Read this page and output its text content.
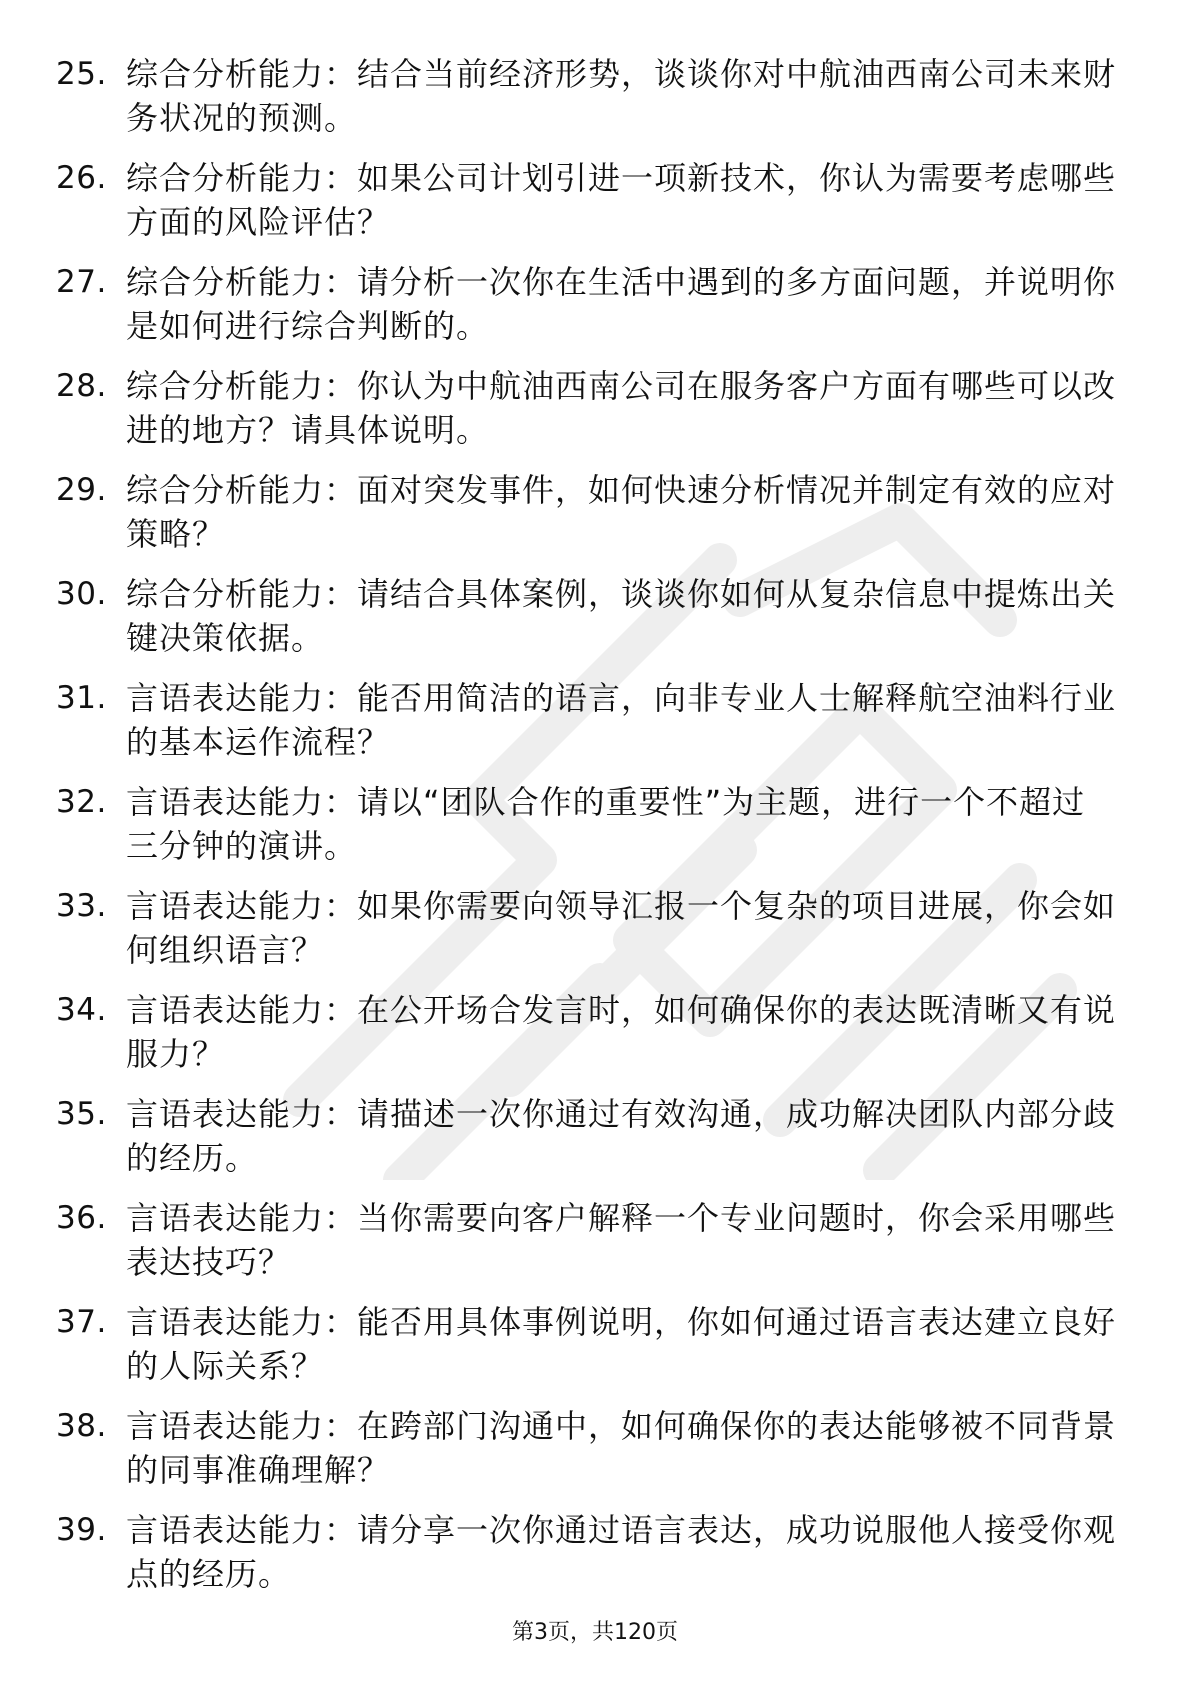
25. 综合分析能力：结合当前经济形势，谈谈你对中航油西南公司未来财务状况的预测。
26. 综合分析能力：如果公司计划引进一项新技术，你认为需要考虑哪些方面的风险评估？
27. 综合分析能力：请分析一次你在生活中遇到的多方面问题，并说明你是如何进行综合判断的。
28. 综合分析能力：你认为中航油西南公司在服务客户方面有哪些可以改进的地方？请具体说明。
29. 综合分析能力：面对突发事件，如何快速分析情况并制定有效的应对策略？
30. 综合分析能力：请结合具体案例，谈谈你如何从复杂信息中提炼出关键决策依据。
31. 言语表达能力：能否用简洁的语言，向非专业人士解释航空油料行业的基本运作流程？
32. 言语表达能力：请以“团队合作的重要性”为主题，进行一个不超过三分钟的演讲。
33. 言语表达能力：如果你需要向领导汇报一个复杂的项目进展，你会如何组织语言？
34. 言语表达能力：在公开场合发言时，如何确保你的表达既清晰又有说服力？
35. 言语表达能力：请描述一次你通过有效沟通，成功解决团队内部分歧的经历。
36. 言语表达能力：当你需要向客户解释一个专业问题时，你会采用哪些表达技巧？
37. 言语表达能力：能否用具体事例说明，你如何通过语言表达建立良好的人际关系？
38. 言语表达能力：在跨部门沟通中，如何确保你的表达能够被不同背景的同事准确理解？
39. 言语表达能力：请分享一次你通过语言表达，成功说服他人接受你观点的经历。
第3页，共120页
